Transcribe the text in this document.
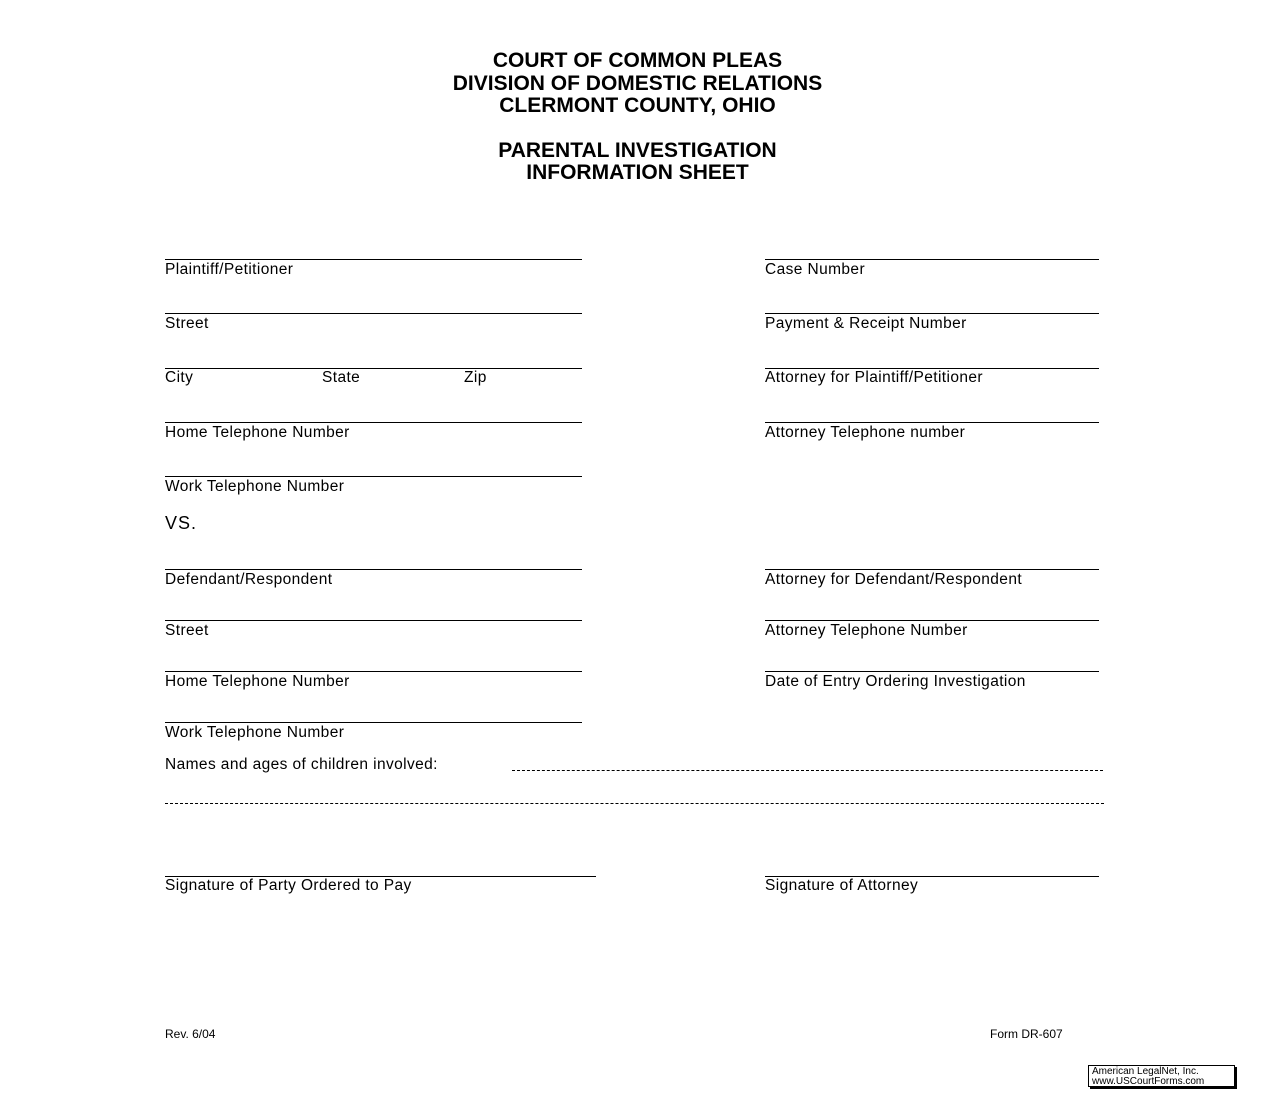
COURT OF COMMON PLEAS
DIVISION OF DOMESTIC RELATIONS
CLERMONT COUNTY, OHIO
PARENTAL INVESTIGATION
INFORMATION SHEET
Plaintiff/Petitioner
Street
City	State	Zip
Home Telephone Number
Work Telephone Number
Case Number
Payment & Receipt Number
Attorney for Plaintiff/Petitioner
Attorney Telephone number
VS.
Defendant/Respondent
Street
Home Telephone Number
Work Telephone Number
Attorney for Defendant/Respondent
Attorney Telephone Number
Date of Entry Ordering Investigation
Names and ages of children involved:
Signature of Party Ordered to Pay	Signature of Attorney
Rev. 6/04	Form DR-607
American LegalNet, Inc.
www.USCourtForms.com
